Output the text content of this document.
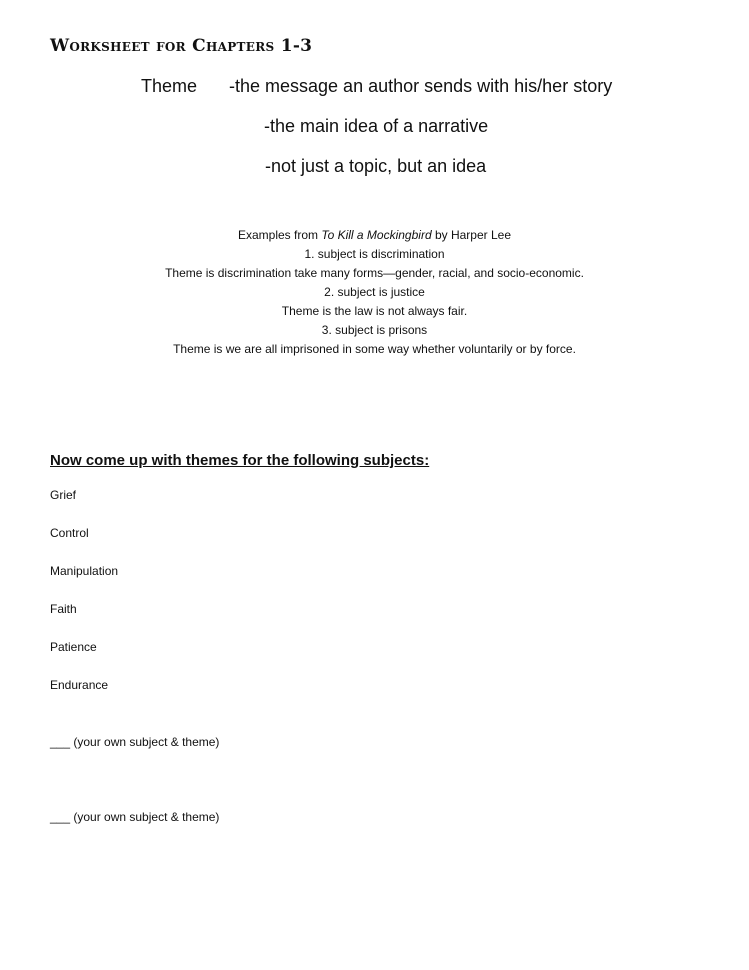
Worksheet for Chapters 1-3
Theme -the message an author sends with his/her story
-the main idea of a narrative
-not just a topic, but an idea
Examples from To Kill a Mockingbird by Harper Lee
1. subject is discrimination
Theme is discrimination take many forms—gender, racial, and socio-economic.
2. subject is justice
Theme is the law is not always fair.
3. subject is prisons
Theme is we are all imprisoned in some way whether voluntarily or by force.
Now come up with themes for the following subjects:
Grief
Control
Manipulation
Faith
Patience
Endurance
___ (your own subject & theme)
___ (your own subject & theme)
